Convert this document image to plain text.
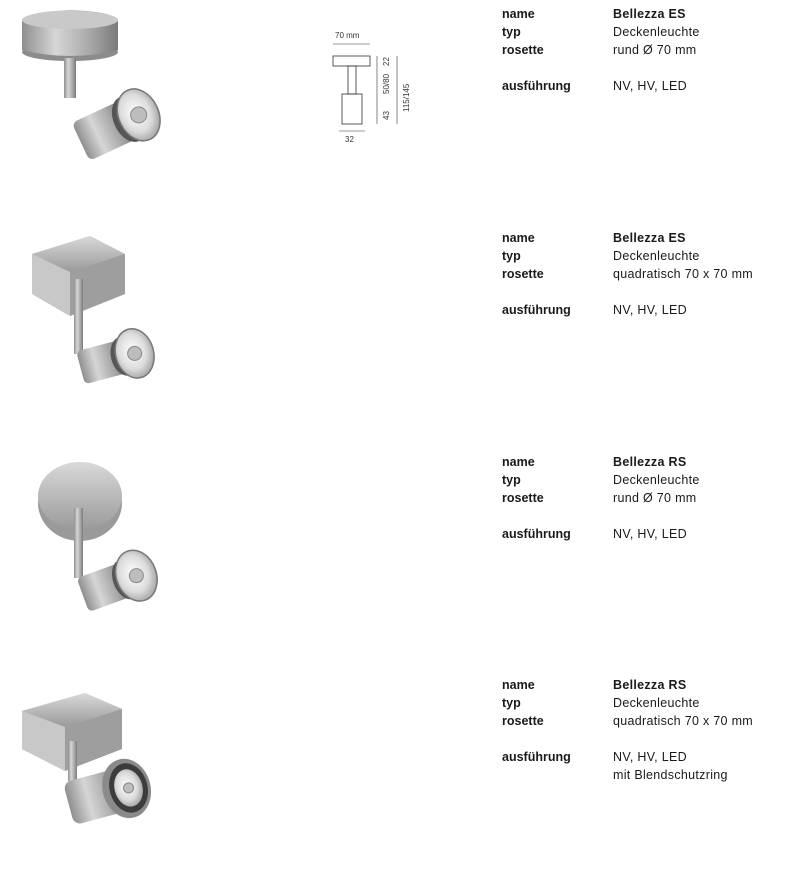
70 mm
32
22
50/80
43
115/145
name	Bellezza ES
typ	Deckenleuchte
rosette	rund Ø 70 mm
ausführung	NV, HV, LED
name	Bellezza ES
typ	Deckenleuchte
rosette	quadratisch 70 x 70 mm
ausführung	NV, HV, LED
name	Bellezza RS
typ	Deckenleuchte
rosette	rund Ø 70 mm
ausführung	NV, HV, LED
name	Bellezza RS
typ	Deckenleuchte
rosette	quadratisch 70 x 70 mm
ausführung	NV, HV, LED
mit Blendschutzring
